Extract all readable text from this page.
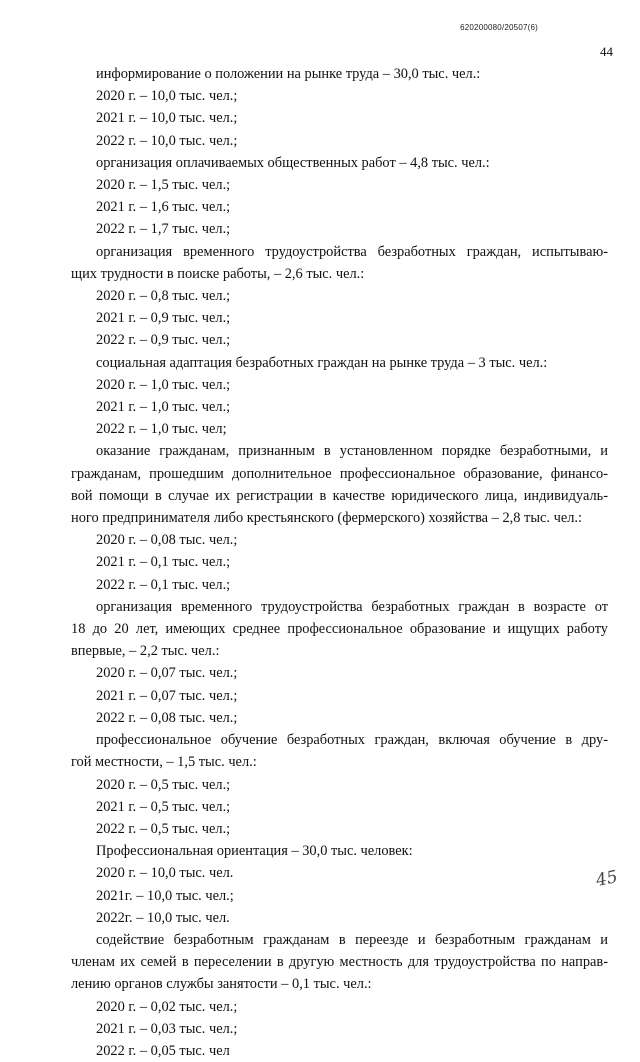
620200080/20507(6)
44
информирование о положении на рынке труда – 30,0 тыс. чел.:
2020 г. – 10,0 тыс. чел.;
2021 г. – 10,0 тыс. чел.;
2022 г. – 10,0 тыс. чел.;
организация оплачиваемых общественных работ – 4,8 тыс. чел.:
2020 г. – 1,5 тыс. чел.;
2021 г. – 1,6 тыс. чел.;
2022 г. – 1,7 тыс. чел.;
организация временного трудоустройства безработных граждан, испытываю-
щих трудности в поиске работы, – 2,6 тыс. чел.:
2020 г. – 0,8 тыс. чел.;
2021 г. – 0,9 тыс. чел.;
2022 г. – 0,9 тыс. чел.;
социальная адаптация безработных граждан на рынке труда – 3 тыс. чел.:
2020 г. – 1,0 тыс. чел.;
2021 г. – 1,0 тыс. чел.;
2022 г. – 1,0 тыс. чел;
оказание гражданам, признанным в установленном порядке безработными, и
гражданам, прошедшим дополнительное профессиональное образование, финансо-
вой помощи в случае их регистрации в качестве юридического лица, индивидуаль-
ного предпринимателя либо крестьянского (фермерского) хозяйства – 2,8 тыс. чел.:
2020 г. – 0,08 тыс. чел.;
2021 г. – 0,1 тыс. чел.;
2022 г. – 0,1 тыс. чел.;
организация временного трудоустройства безработных граждан в возрасте от
18 до 20 лет, имеющих среднее профессиональное образование и ищущих работу
впервые, – 2,2 тыс. чел.:
2020 г. – 0,07 тыс. чел.;
2021 г. – 0,07 тыс. чел.;
2022 г. – 0,08 тыс. чел.;
профессиональное обучение безработных граждан, включая обучение в дру-
гой местности, – 1,5 тыс. чел.:
2020 г. – 0,5 тыс. чел.;
2021 г. – 0,5 тыс. чел.;
2022 г. – 0,5 тыс. чел.;
Профессиональная ориентация – 30,0 тыс. человек:
2020 г. – 10,0 тыс. чел.
2021г. – 10,0 тыс. чел.;
2022г. – 10,0 тыс. чел.
содействие безработным гражданам в переезде и безработным гражданам и
членам их семей в переселении в другую местность для трудоустройства по направ-
лению органов службы занятости – 0,1 тыс. чел.:
2020 г. – 0,02 тыс. чел.;
2021 г. – 0,03 тыс. чел.;
2022 г. – 0,05 тыс. чел
45
